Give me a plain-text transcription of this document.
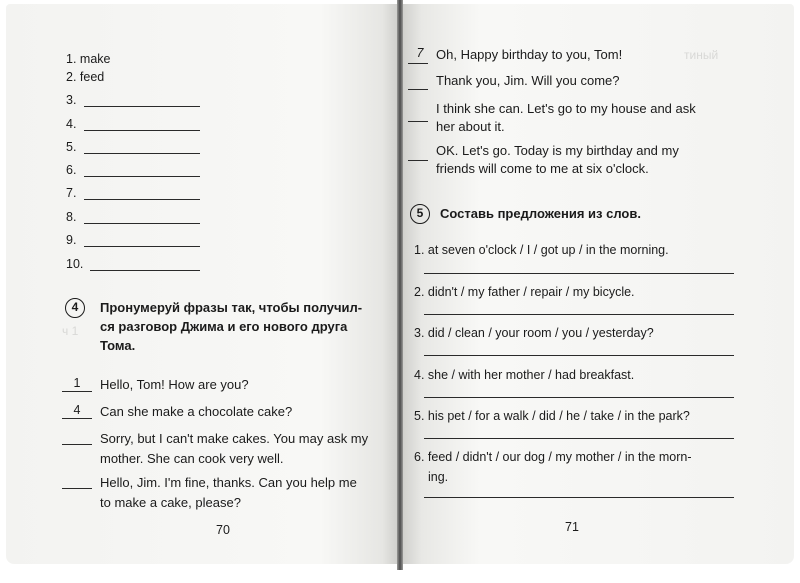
1. make
2. feed
3.
4.
5.
6.
7.
8.
9.
10.
4
ч 1
Пронумеруй фразы так, чтобы получил-
ся разговор Джима и его нового друга
Тома.
1	Hello, Tom! How are you?
4	Can she make a chocolate cake?
Sorry, but I can't make cakes. You may ask my
mother. She can cook very well.
Hello, Jim. I'm fine, thanks. Can you help me
to make a cake, please?
70
тиный
7 Oh, Happy birthday to you, Tom!
Thank you, Jim. Will you come?
I think she can. Let's go to my house and ask
her about it.
OK. Let's go. Today is my birthday and my
friends will come to me at six o'clock.
5	Составь предложения из слов.
1. at seven o'clock / I / got up / in the morning.
2. didn't / my father / repair / my bicycle.
3. did / clean / your room / you / yesterday?
4. she / with her mother / had breakfast.
5. his pet / for a walk / did / he / take / in the park?
6. feed / didn't / our dog / my mother / in the morn-
ing.
71
